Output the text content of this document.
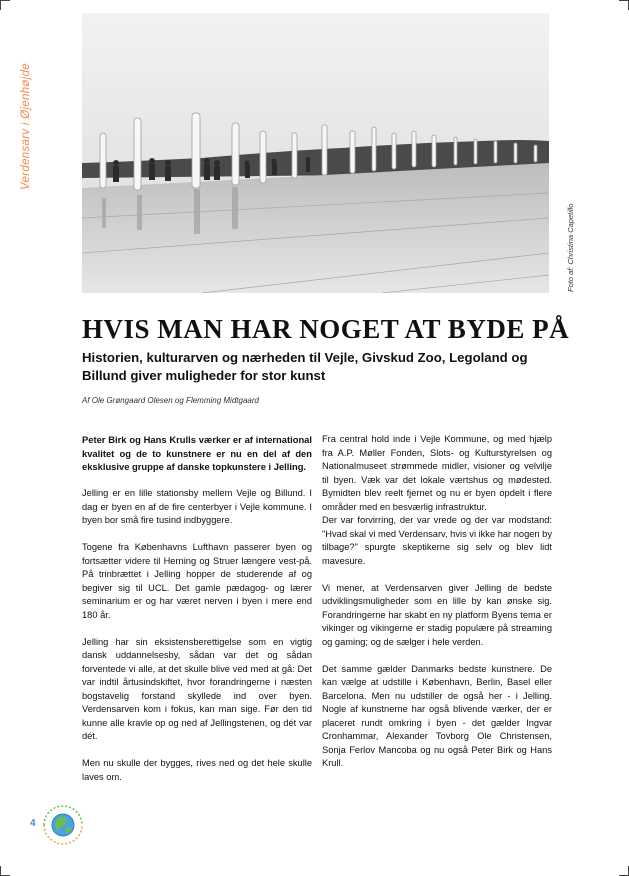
Verdensarv i Øjenhøjde
Foto af: Christina Capetillo
HVIS MAN HAR NOGET AT BYDE PÅ
Historien, kulturarven og nærheden til Vejle, Givskud Zoo, Legoland og Billund giver muligheder for stor kunst
Af Ole Grøngaard Olesen og Flemming Midtgaard

Peter Birk og Hans Krulls værker er af international kvalitet og de to kunstnere er nu en del af den eksklusive gruppe af danske topkunstere i Jelling.

Jelling er en lille stationsby mellem Vejle og Billund. I dag er byen en af de fire centerbyer i Vejle kommune. I byen bor små fire tusind indbyggere.

Togene fra Københavns Lufthavn passerer byen og fortsætter videre til Herning og Struer længere vest-på. På trinbrættet i Jelling hopper de studerende af og begiver sig til UCL. Det gamle pædagog- og lærer seminarium er og har været nerven i byen i mere end 180 år.

Jelling har sin eksistensberettigelse som en vigtig dansk uddannelsesby, sådan var det og sådan forventede vi alle, at det skulle blive ved med at gå: Det var indtil årtusindskiftet, hvor forandringerne i næsten bogstavelig forstand skyllede ind over byen. Verdensarven kom i fokus, kan man sige. Før den tid kunne alle kravle op og ned af Jellingstenen, og dét var dét.

Men nu skulle der bygges, rives ned og det hele skulle laves om.

Fra central hold inde i Vejle Kommune, og med hjælp fra A.P. Møller Fonden, Slots- og Kulturstyrelsen og Nationalmuseet strømmede midler, visioner og velvilje til byen. Væk var det lokale værtshus og mødested. Bymidten blev reelt fjernet og nu er byen opdelt i flere områder med en besværlig infrastruktur.

Der var forvirring, der var vrede og der var modstand: "Hvad skal vi med Verdensarv, hvis vi ikke har nogen by tilbage?" spurgte skeptikerne sig selv og blev lidt mavesure.

Vi mener, at Verdensarven giver Jelling de bedste udviklingsmuligheder som en lille by kan ønske sig. Forandringerne har skabt en ny platform Byens tema er vikinger og vikingerne er stadig populære på streaming og gaming; og de sælger i hele verden.

Det samme gælder Danmarks bedste kunstnere. De kan vælge at udstille i København, Berlin, Basel eller Barcelona. Men nu udstiller de også her - i Jelling. Nogle af kunstnerne har også blivende værker, der er placeret rundt omkring i byen - det gælder Ingvar Cronhammar, Alexander Tovborg Ole Christensen, Sonja Ferlov Mancoba og nu også Peter Birk og Hans Krull.

4
